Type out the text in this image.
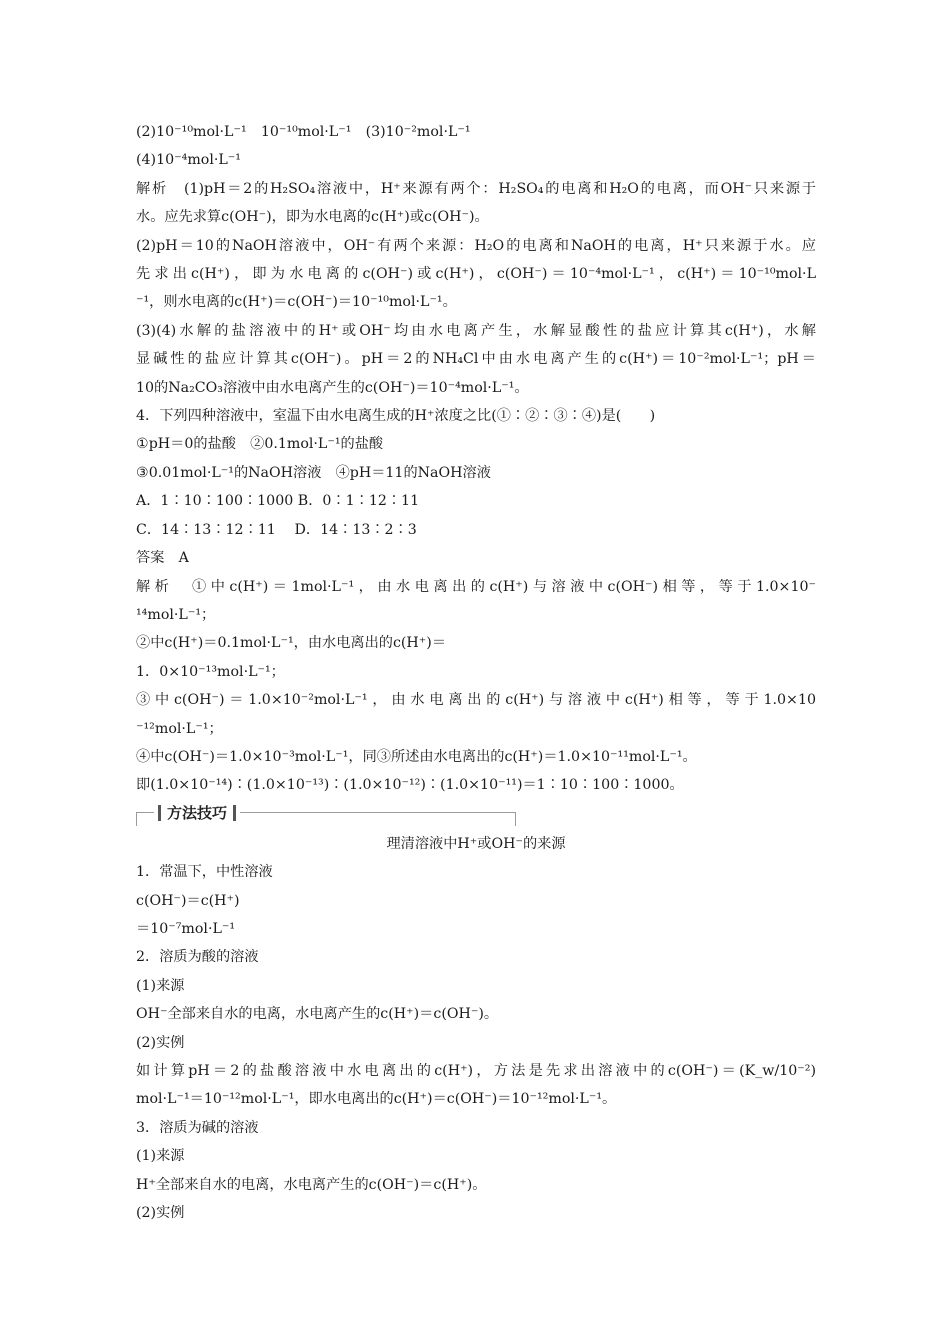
(2)10⁻¹⁰mol·L⁻¹　10⁻¹⁰mol·L⁻¹　(3)10⁻²mol·L⁻¹
(4)10⁻⁴mol·L⁻¹
解析　(1)pH＝2的H₂SO₄溶液中，H⁺来源有两个：H₂SO₄的电离和H₂O的电离，而OH⁻只来源于
水。应先求算c(OH⁻)，即为水电离的c(H⁺)或c(OH⁻)。
(2)pH＝10的NaOH溶液中，OH⁻有两个来源：H₂O的电离和NaOH的电离，H⁺只来源于水。应
先求出c(H⁺)，即为水电离的c(OH⁻)或c(H⁺)，c(OH⁻)＝10⁻⁴mol·L⁻¹，c(H⁺)＝10⁻¹⁰mol·L
⁻¹，则水电离的c(H⁺)＝c(OH⁻)＝10⁻¹⁰mol·L⁻¹。
(3)(4)水解的盐溶液中的H⁺或OH⁻均由水电离产生，水解显酸性的盐应计算其c(H⁺)，水解
显碱性的盐应计算其c(OH⁻)。pH＝2的NH₄Cl中由水电离产生的c(H⁺)＝10⁻²mol·L⁻¹；pH＝
10的Na₂CO₃溶液中由水电离产生的c(OH⁻)＝10⁻⁴mol·L⁻¹。
4．下列四种溶液中，室温下由水电离生成的H⁺浓度之比(①∶②∶③∶④)是(　　)
①pH＝0的盐酸　②0.1mol·L⁻¹的盐酸
③0.01mol·L⁻¹的NaOH溶液　④pH＝11的NaOH溶液
A．1∶10∶100∶1000 B．0∶1∶12∶11
C．14∶13∶12∶11　 D．14∶13∶2∶3
答案　A
解析　①中c(H⁺)＝1mol·L⁻¹，由水电离出的c(H⁺)与溶液中c(OH⁻)相等，等于1.0×10⁻
¹⁴mol·L⁻¹；
②中c(H⁺)＝0.1mol·L⁻¹，由水电离出的c(H⁺)＝
1．0×10⁻¹³mol·L⁻¹；
③中c(OH⁻)＝1.0×10⁻²mol·L⁻¹，由水电离出的c(H⁺)与溶液中c(H⁺)相等，等于1.0×10
⁻¹²mol·L⁻¹；
④中c(OH⁻)＝1.0×10⁻³mol·L⁻¹，同③所述由水电离出的c(H⁺)＝1.0×10⁻¹¹mol·L⁻¹。
即(1.0×10⁻¹⁴)∶(1.0×10⁻¹³)∶(1.0×10⁻¹²)∶(1.0×10⁻¹¹)＝1∶10∶100∶1000。
方法技巧
理清溶液中H⁺或OH⁻的来源
1．常温下，中性溶液
c(OH⁻)＝c(H⁺)
＝10⁻⁷mol·L⁻¹
2．溶质为酸的溶液
(1)来源
OH⁻全部来自水的电离，水电离产生的c(H⁺)＝c(OH⁻)。
(2)实例
如计算pH＝2的盐酸溶液中水电离出的c(H⁺)，方法是先求出溶液中的c(OH⁻)＝(K_w/10⁻²)
mol·L⁻¹＝10⁻¹²mol·L⁻¹，即水电离出的c(H⁺)＝c(OH⁻)＝10⁻¹²mol·L⁻¹。
3．溶质为碱的溶液
(1)来源
H⁺全部来自水的电离，水电离产生的c(OH⁻)＝c(H⁺)。
(2)实例
